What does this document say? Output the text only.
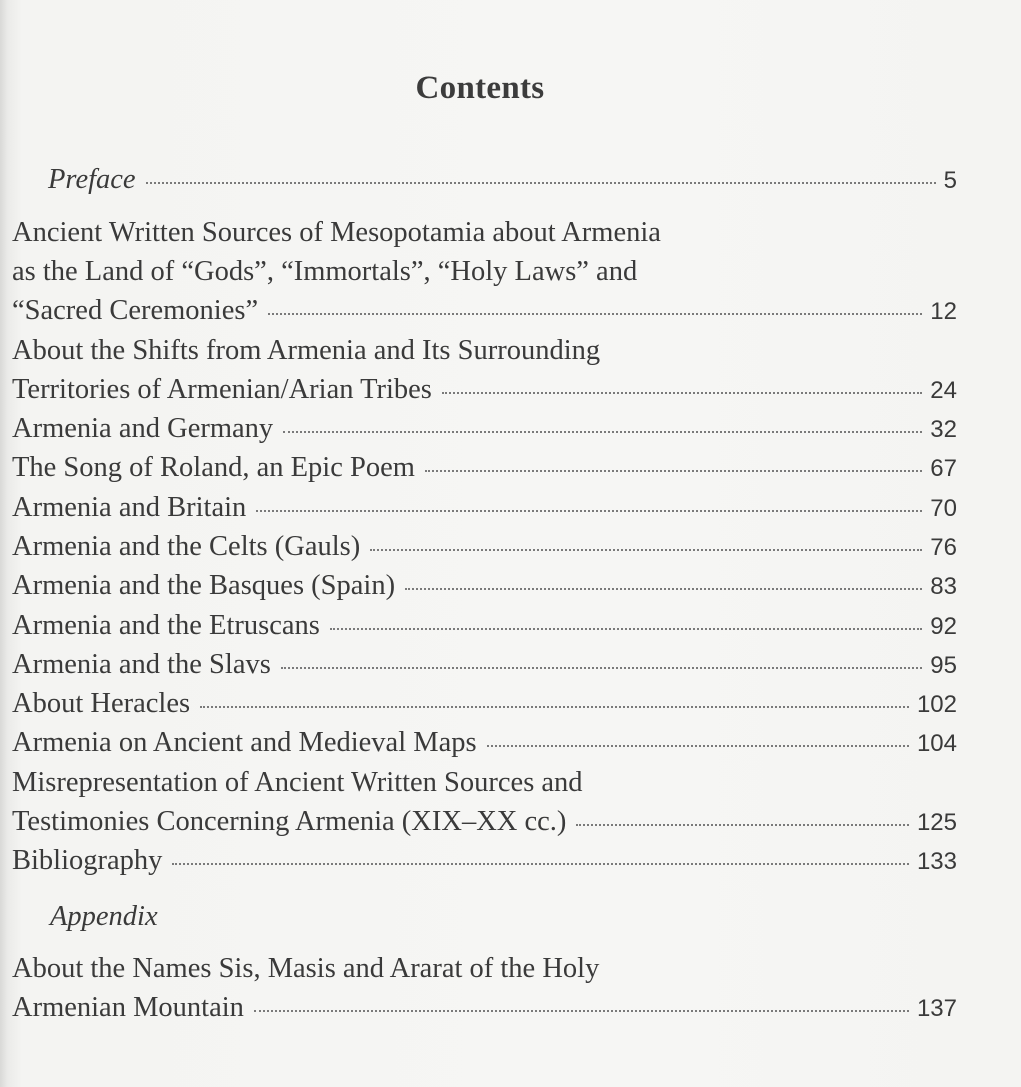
Contents
Preface	5
Ancient Written Sources of Mesopotamia about Armenia
as the Land of “Gods”, “Immortals”, “Holy Laws” and
“Sacred Ceremonies”	12
About the Shifts from Armenia and Its Surrounding
Territories of Armenian/Arian Tribes	24
Armenia and Germany	32
The Song of Roland, an Epic Poem	67
Armenia and Britain	70
Armenia and the Celts (Gauls)	76
Armenia and the Basques (Spain)	83
Armenia and the Etruscans	92
Armenia and the Slavs	95
About Heracles	102
Armenia on Ancient and Medieval Maps	104
Misrepresentation of Ancient Written Sources and
Testimonies Concerning Armenia (XIX–XX cc.)	125
Bibliography	133
Appendix
About the Names Sis, Masis and Ararat of the Holy
Armenian Mountain	137
